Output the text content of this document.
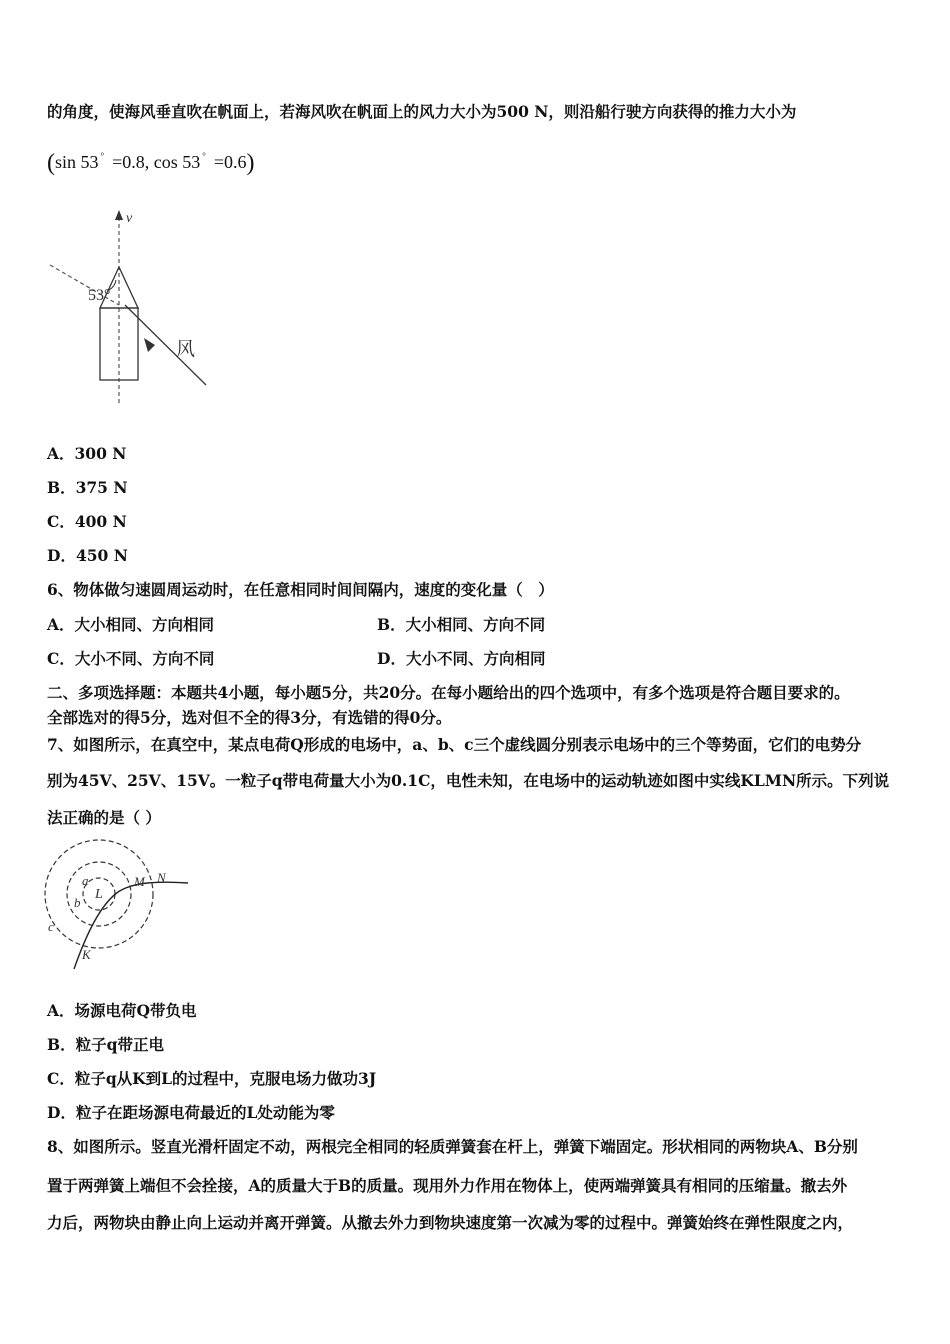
的角度，使海风垂直吹在帆面上，若海风吹在帆面上的风力大小为500 N，则沿船行驶方向获得的推力大小为
(sin 53 ° =0.8, cos 53 ° =0.6)
v
53°
风
A．300 N
B．375 N
C．400 N
D．450 N
6、物体做匀速圆周运动时，在任意相同时间间隔内，速度的变化量（　）
A．大小相同、方向相同	B．大小相同、方向不同
C．大小不同、方向不同	D．大小不同、方向相同
二、多项选择题：本题共4小题，每小题5分，共20分。在每小题给出的四个选项中，有多个选项是符合题目要求的。
全部选对的得5分，选对但不全的得3分，有选错的得0分。
7、如图所示，在真空中，某点电荷Q形成的电场中，a、b、c三个虚线圆分别表示电场中的三个等势面，它们的电势分
别为45V、25V、15V。一粒子q带电荷量大小为0.1C，电性未知，在电场中的运动轨迹如图中实线KLMN所示。下列说
法正确的是（ ）
a
b
c
L
M N
K
A．场源电荷Q带负电
B．粒子q带正电
C．粒子q从K到L的过程中，克服电场力做功3J
D．粒子在距场源电荷最近的L处动能为零
8、如图所示。竖直光滑杆固定不动，两根完全相同的轻质弹簧套在杆上，弹簧下端固定。形状相同的两物块A、B分别
置于两弹簧上端但不会拴接，A的质量大于B的质量。现用外力作用在物体上，使两端弹簧具有相同的压缩量。撤去外
力后，两物块由静止向上运动并离开弹簧。从撤去外力到物块速度第一次减为零的过程中。弹簧始终在弹性限度之内，
